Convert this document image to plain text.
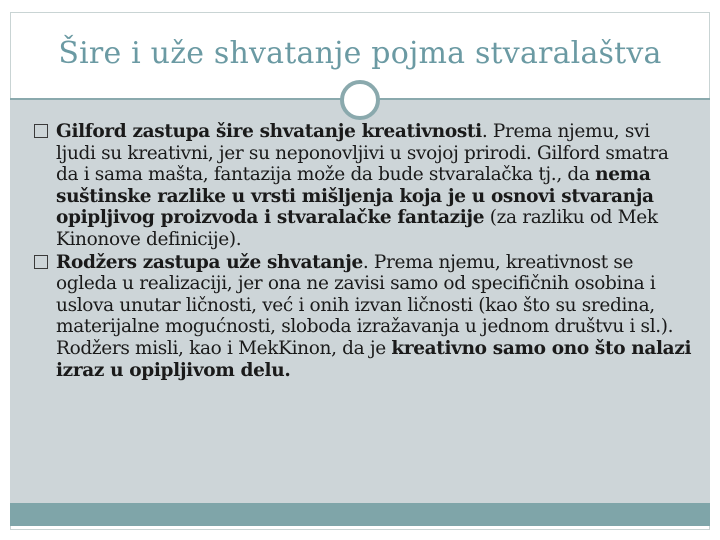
Šire i uže shvatanje pojma stvaralaštva

Gilford zastupa šire shvatanje kreativnosti. Prema njemu, svi ljudi su kreativni, jer su neponovljivi u svojoj prirodi. Gilford smatra da i sama mašta, fantazija može da bude stvaralačka tj., da nema suštinske razlike u vrsti mišljenja koja je u osnovi stvaranja opipljivog proizvoda i stvaralačke fantazije (za razliku od Mek Kinonove definicije).

Rodžers zastupa uže shvatanje. Prema njemu, kreativnost se ogleda u realizaciji, jer ona ne zavisi samo od specifičnih osobina i uslova unutar ličnosti, već i onih izvan ličnosti (kao što su sredina, materijalne mogućnosti, sloboda izražavanja u jednom društvu i sl.). Rodžers misli, kao i MekKinon, da je kreativno samo ono što nalazi izraz u opipljivom delu.
